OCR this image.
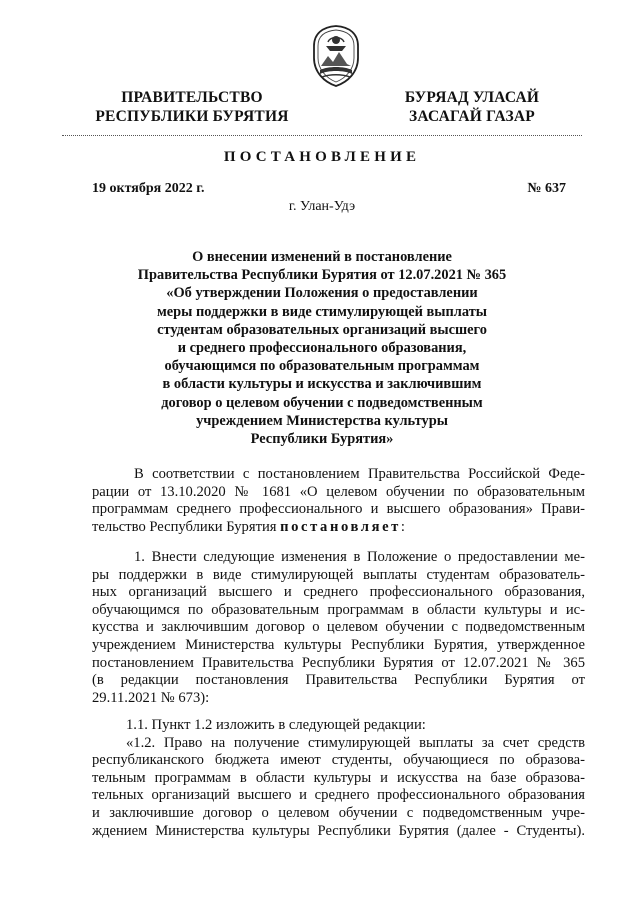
ПРАВИТЕЛЬСТВО
РЕСПУБЛИКИ БУРЯТИЯ
БУРЯАД УЛАСАЙ
ЗАСАГАЙ ГАЗАР
ПОСТАНОВЛЕНИЕ
19 октября 2022 г.	№ 637
г. Улан-Удэ
О внесении изменений в постановление
Правительства Республики Бурятия от 12.07.2021 № 365
«Об утверждении Положения о предоставлении
меры поддержки в виде стимулирующей выплаты
студентам образовательных организаций высшего
и среднего профессионального образования,
обучающимся по образовательным программам
в области культуры и искусства и заключившим
договор о целевом обучении с подведомственным
учреждением Министерства культуры
Республики Бурятия»
В соответствии с постановлением Правительства Российской Феде-
рации от 13.10.2020 № 1681 «О целевом обучении по образовательным
программам среднего профессионального и высшего образования» Прави-
тельство Республики Бурятия постановляет:
1. Внести следующие изменения в Положение о предоставлении ме-
ры поддержки в виде стимулирующей выплаты студентам образователь-
ных организаций высшего и среднего профессионального образования,
обучающимся по образовательным программам в области культуры и ис-
кусства и заключившим договор о целевом обучении с подведомственным
учреждением Министерства культуры Республики Бурятия, утвержденное
постановлением Правительства Республики Бурятия от 12.07.2021 № 365
(в редакции постановления Правительства Республики Бурятия от
29.11.2021 № 673):
1.1. Пункт 1.2 изложить в следующей редакции:
«1.2. Право на получение стимулирующей выплаты за счет средств
республиканского бюджета имеют студенты, обучающиеся по образова-
тельным программам в области культуры и искусства на базе образова-
тельных организаций высшего и среднего профессионального образования
и заключившие договор о целевом обучении с подведомственным учре-
ждением Министерства культуры Республики Бурятия (далее - Студенты).
